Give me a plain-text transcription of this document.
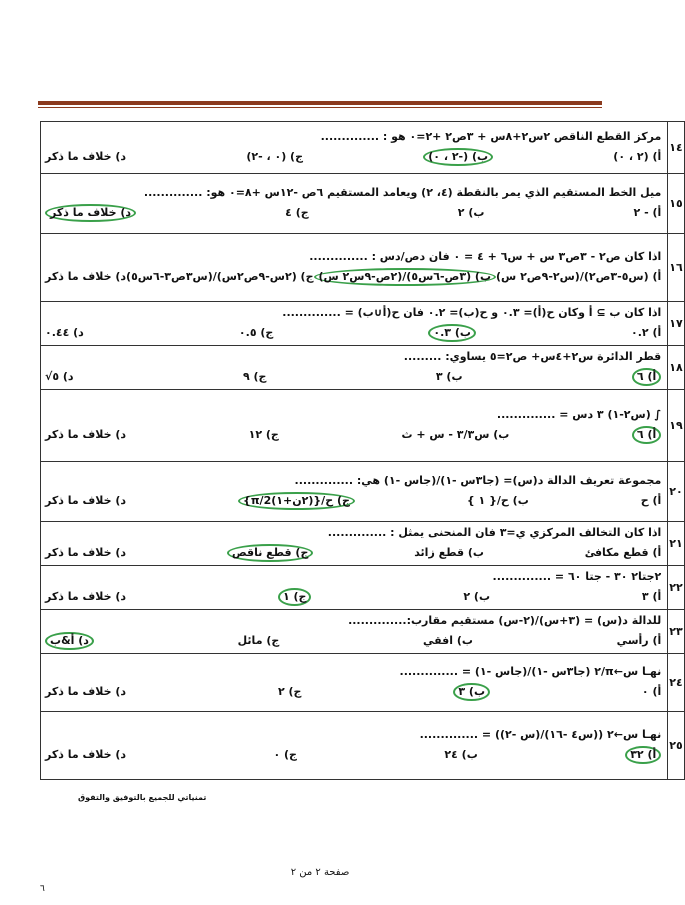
١٤	مركز القطع الناقص ٢س٢+٨س + ٣ص٢ +٢=٠ هو : ..............
أ) (٢ ، ٠)
ب) (-٢ ، ٠)
ج) (٠ ، -٢)
د) خلاف ما ذكر

١٥	ميل الخط المستقيم الذي يمر بالنقطة (٤، ٢) ويعامد المستقيم ٦ص -١٢س +٨=٠ هو: ..............
أ) - ٢
ب) ٢
ج) ٤
د) خلاف ما ذكر

١٦	اذا كان ص٢ - ٣ص٣ س + س٦ + ٤ = ٠ فان دص/دس : ..............
أ) (س٥-٣ص٢)/(س٢-٩ص٢ س)
ب) (٣ص-٦س٥)/(٢ص-٩س٢ س)
ج) (٢س-٩ص٢س)/(س٣ص٣-٦س٥)
د) خلاف ما ذكر

١٧	اذا كان ب ⊇ أ وكان ح(أ)= ٠.٣ و ح(ب)= ٠.٢ فان ح(أ∪ب) = ..............
أ) ٠.٢
ب) ٠.٣
ج) ٠.٥
د) ٠.٤٤

١٨	قطر الدائرة س٢+٤س+ ص٢=٥ يساوي: .........
أ) ٦
ب) ٣
ج) ٩
د) ٥√

١٩	∫ (س٢-١) ٣ دس = ..............
أ) ٦
ب) س٣/٣ - س + ث
ج) ١٢
د) خلاف ما ذكر

٢٠	مجموعة تعريف الدالة د(س)= (جا٣س -١)/(جاس -١) هي: ..............
أ) ح
ب) ح/{ ١ }
ج) ح/{(٢ن+١)π/2}
د) خلاف ما ذكر

٢١	اذا كان التخالف المركزي ي=٣ فان المنحنى يمثل : ..............
أ) قطع مكافئ
ب) قطع زائد
ج) قطع ناقص
د) خلاف ما ذكر

٢٢	٢جتا٢ ٣٠ - جتا ٦٠ = ..............
أ) ٣
ب) ٢
ج) ١
د) خلاف ما ذكر

٢٣	للدالة د(س) = (٣+س)/(٢-س) مستقيم مقارب:..............
أ) رأسي
ب) افقي
ج) مائل
د) أ&ب

٢٤	نهـا س←π/٢ (جا٣س -١)/(جاس -١) = ..............
أ) ٠
ب) ٣
ج) ٢
د) خلاف ما ذكر

٢٥	نهـا س←٢ ((س٤ -١٦)/(س -٢)) = ..............
أ) ٣٢
ب) ٢٤
ج) ٠
د) خلاف ما ذكر
تمنياتي للجميع بالتوفيق والتفوق
صفحة ٢ من ٢
٦
